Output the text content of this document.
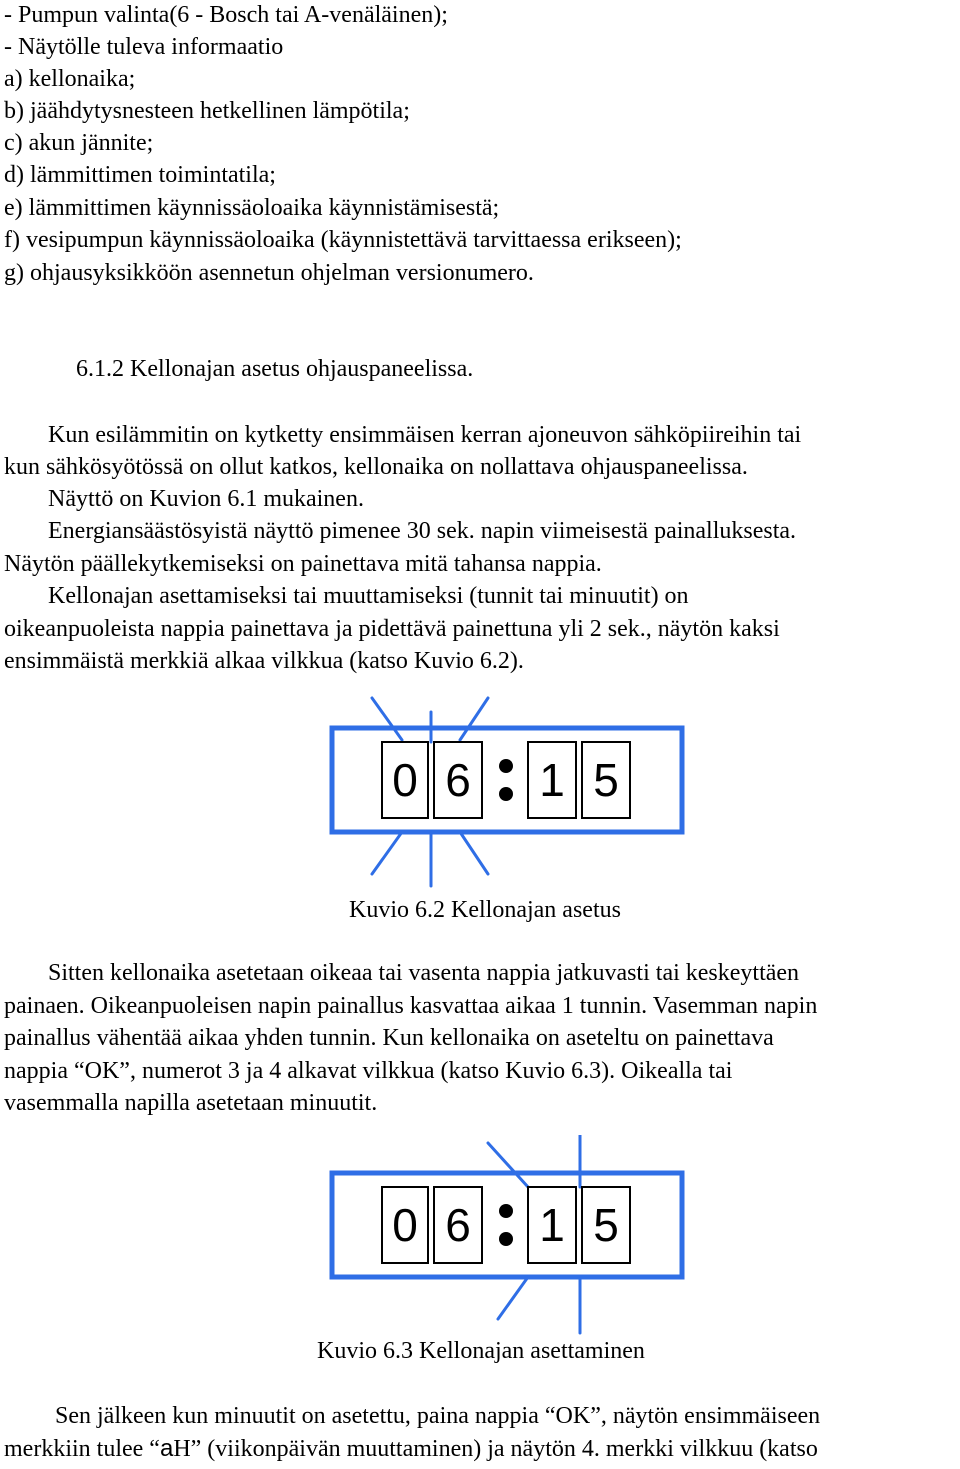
- Pumpun valinta(6 - Bosch tai A-venäläinen);
- Näytölle tuleva informaatio
a) kellonaika;
b) jäähdytysnesteen hetkellinen lämpötila;
c) akun jännite;
d) lämmittimen toimintatila;
e) lämmittimen käynnissäoloaika käynnistämisestä;
f) vesipumpun käynnissäoloaika (käynnistettävä tarvittaessa erikseen);
g) ohjausyksikköön asennetun ohjelman versionumero.
6.1.2 Kellonajan asetus ohjauspaneelissa.
Kun esilämmitin on kytketty ensimmäisen kerran ajoneuvon sähköpiireihin tai
kun sähkösyötössä on ollut katkos, kellonaika on nollattava ohjauspaneelissa.
Näyttö on Kuvion 6.1 mukainen.
Energiansäästösyistä näyttö pimenee 30 sek. napin viimeisestä painalluksesta.
Näytön päällekytkemiseksi on painettava mitä tahansa nappia.
Kellonajan asettamiseksi tai muuttamiseksi (tunnit tai minuutit) on
oikeanpuoleista nappia painettava ja pidettävä painettuna yli 2 sek., näytön kaksi
ensimmäistä merkkiä alkaa vilkkua (katso Kuvio 6.2).
0 6 1 5
Kuvio 6.2 Kellonajan asetus
Sitten kellonaika asetetaan oikeaa tai vasenta nappia jatkuvasti tai keskeyttäen
painaen. Oikeanpuoleisen napin painallus kasvattaa aikaa 1 tunnin. Vasemman napin
painallus vähentää aikaa yhden tunnin. Kun kellonaika on aseteltu on painettava
nappia “OK”, numerot 3 ja 4 alkavat vilkkua (katso Kuvio 6.3). Oikealla tai
vasemmalla napilla asetetaan minuutit.
0 6 1 5
Kuvio 6.3 Kellonajan asettaminen
Sen jälkeen kun minuutit on asetettu, paina nappia “OK”, näytön ensimmäiseen
merkkiin tulee “aH” (viikonpäivän muuttaminen) ja näytön 4. merkki vilkkuu (katso
